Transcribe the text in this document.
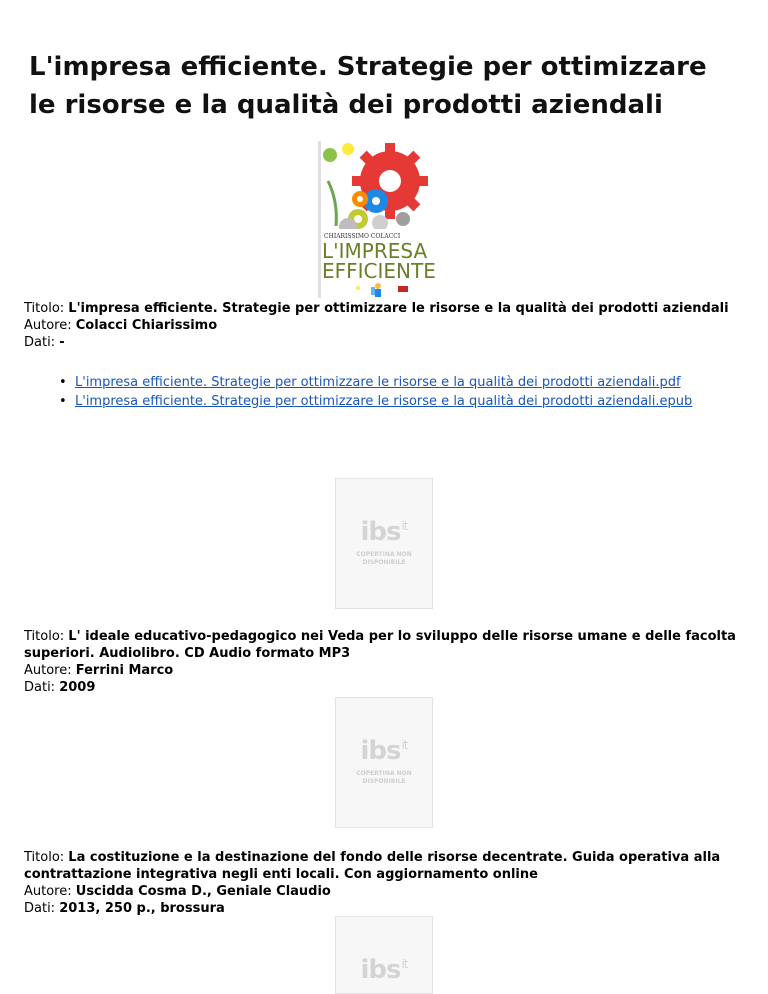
L'impresa efficiente. Strategie per ottimizzare le risorse e la qualità dei prodotti aziendali
CHIARISSIMO COLACCI
L'IMPRESA
EFFICIENTE
Titolo: L'impresa efficiente. Strategie per ottimizzare le risorse e la qualità dei prodotti aziendali
Autore: Colacci Chiarissimo
Dati: -
• L'impresa efficiente. Strategie per ottimizzare le risorse e la qualità dei prodotti aziendali.pdf
• L'impresa efficiente. Strategie per ottimizzare le risorse e la qualità dei prodotti aziendali.epub
ibs$^{it}$
COPERTINA NON
DISPONIBILE
Titolo: L' ideale educativo-pedagogico nei Veda per lo sviluppo delle risorse umane e delle facolta superiori. Audiolibro. CD Audio formato MP3
Autore: Ferrini Marco
Dati: 2009
ibs$^{it}$
COPERTINA NON
DISPONIBILE
Titolo: La costituzione e la destinazione del fondo delle risorse decentrate. Guida operativa alla contrattazione integrativa negli enti locali. Con aggiornamento online
Autore: Uscidda Cosma D., Geniale Claudio
Dati: 2013, 250 p., brossura
ibs$^{it}$
